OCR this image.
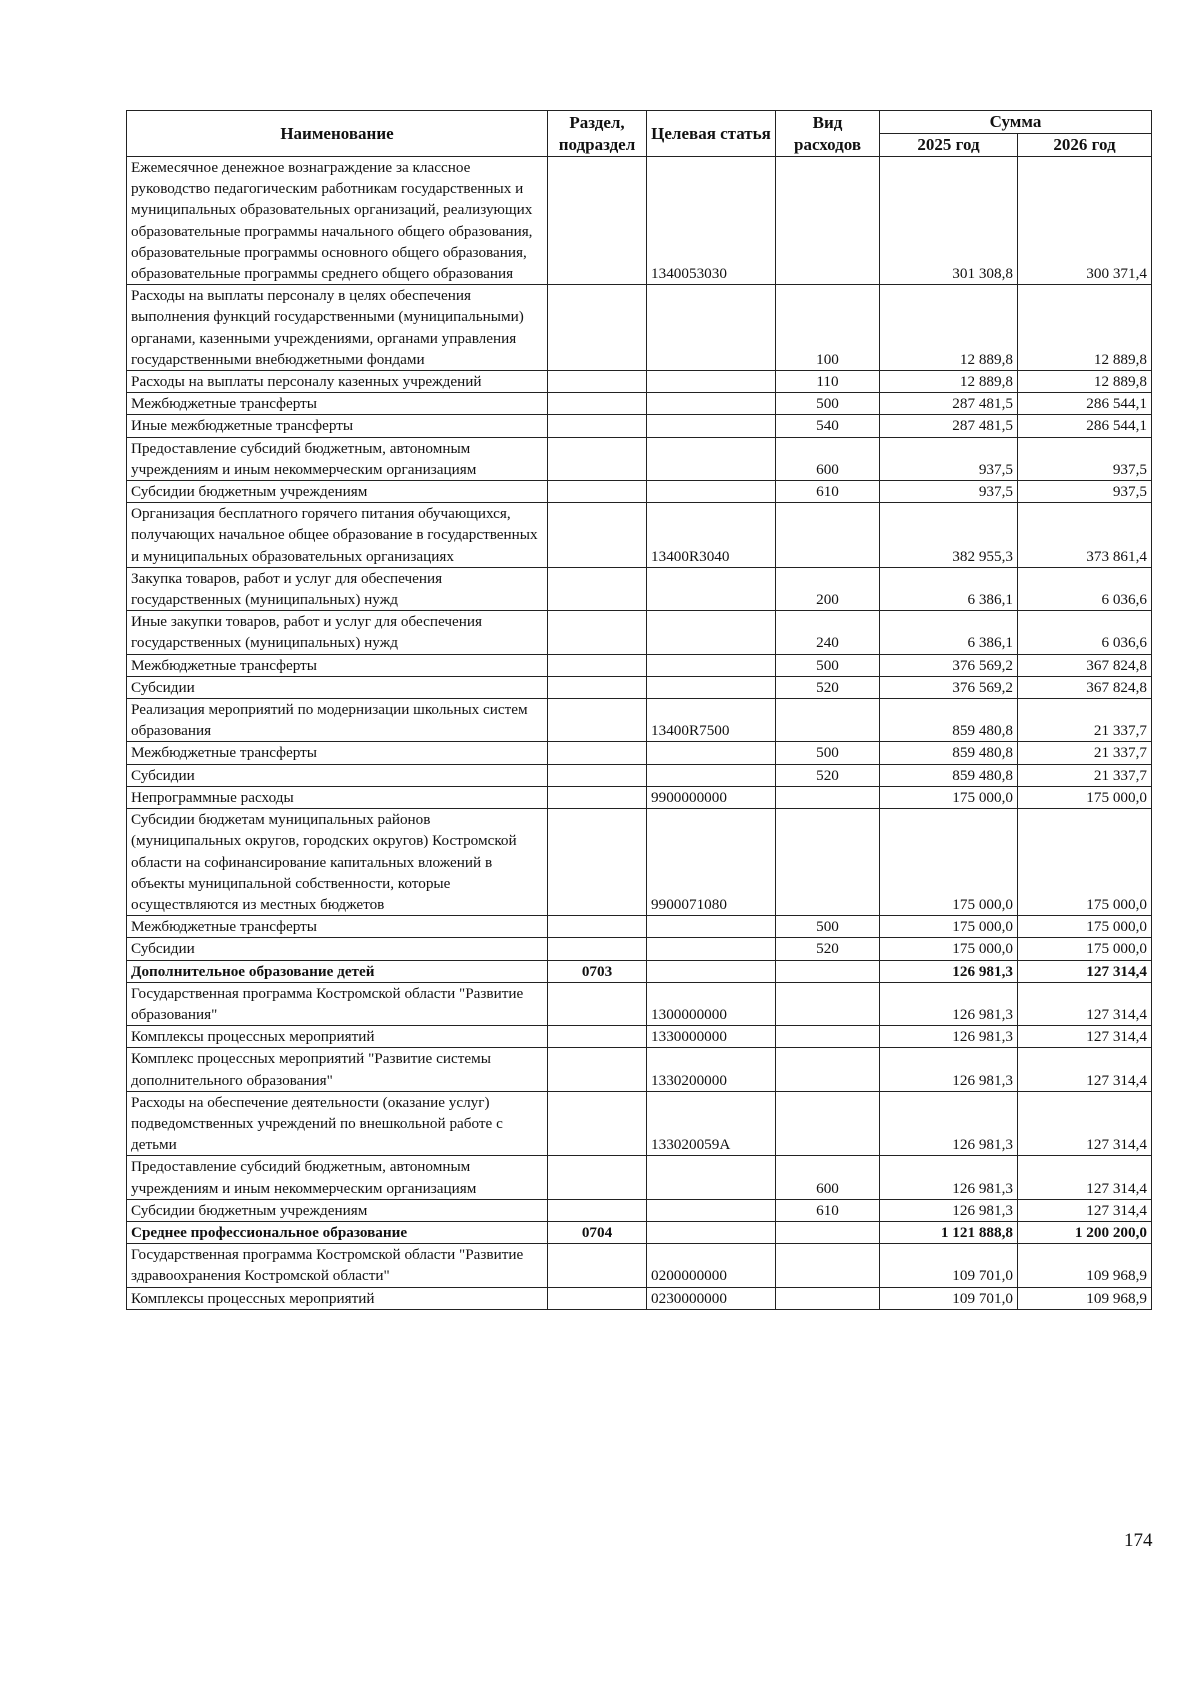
Наименование	Раздел, подраздел	Целевая статья	Вид расходов	Сумма	
				2025 год	2026 год
Ежемесячное денежное вознаграждение за классное руководство педагогическим работникам государственных и муниципальных образовательных организаций, реализующих образовательные программы начального общего образования, образовательные программы основного общего образования, образовательные программы среднего общего образования		1340053030		301 308,8	300 371,4
Расходы на выплаты персоналу в целях обеспечения выполнения функций государственными (муниципальными) органами, казенными учреждениями, органами управления государственными внебюджетными фондами			100	12 889,8	12 889,8
Расходы на выплаты персоналу казенных учреждений			110	12 889,8	12 889,8
Межбюджетные трансферты			500	287 481,5	286 544,1
Иные межбюджетные трансферты			540	287 481,5	286 544,1
Предоставление субсидий бюджетным, автономным учреждениям и иным некоммерческим организациям			600	937,5	937,5
Субсидии бюджетным учреждениям			610	937,5	937,5
Организация бесплатного горячего питания обучающихся, получающих начальное общее образование в государственных и муниципальных образовательных организациях		13400R3040		382 955,3	373 861,4
Закупка товаров, работ и услуг для обеспечения государственных (муниципальных) нужд			200	6 386,1	6 036,6
Иные закупки товаров, работ и услуг для обеспечения государственных (муниципальных) нужд			240	6 386,1	6 036,6
Межбюджетные трансферты			500	376 569,2	367 824,8
Субсидии			520	376 569,2	367 824,8
Реализация мероприятий по модернизации школьных систем образования		13400R7500		859 480,8	21 337,7
Межбюджетные трансферты			500	859 480,8	21 337,7
Субсидии			520	859 480,8	21 337,7
Непрограммные расходы		9900000000		175 000,0	175 000,0
Субсидии бюджетам муниципальных районов (муниципальных округов, городских округов) Костромской области на софинансирование капитальных вложений в объекты муниципальной собственности, которые осуществляются из местных бюджетов		9900071080		175 000,0	175 000,0
Межбюджетные трансферты			500	175 000,0	175 000,0
Субсидии			520	175 000,0	175 000,0
Дополнительное образование детей	0703			126 981,3	127 314,4
Государственная программа Костромской области "Развитие образования"		1300000000		126 981,3	127 314,4
Комплексы процессных мероприятий		1330000000		126 981,3	127 314,4
Комплекс процессных мероприятий "Развитие системы дополнительного образования"		1330200000		126 981,3	127 314,4
Расходы на обеспечение деятельности (оказание услуг) подведомственных учреждений по внешкольной работе с детьми		133020059A		126 981,3	127 314,4
Предоставление субсидий бюджетным, автономным учреждениям и иным некоммерческим организациям			600	126 981,3	127 314,4
Субсидии бюджетным учреждениям			610	126 981,3	127 314,4
Среднее профессиональное образование	0704			1 121 888,8	1 200 200,0
Государственная программа Костромской области "Развитие здравоохранения Костромской области"		0200000000		109 701,0	109 968,9
Комплексы процессных мероприятий		0230000000		109 701,0	109 968,9
174
